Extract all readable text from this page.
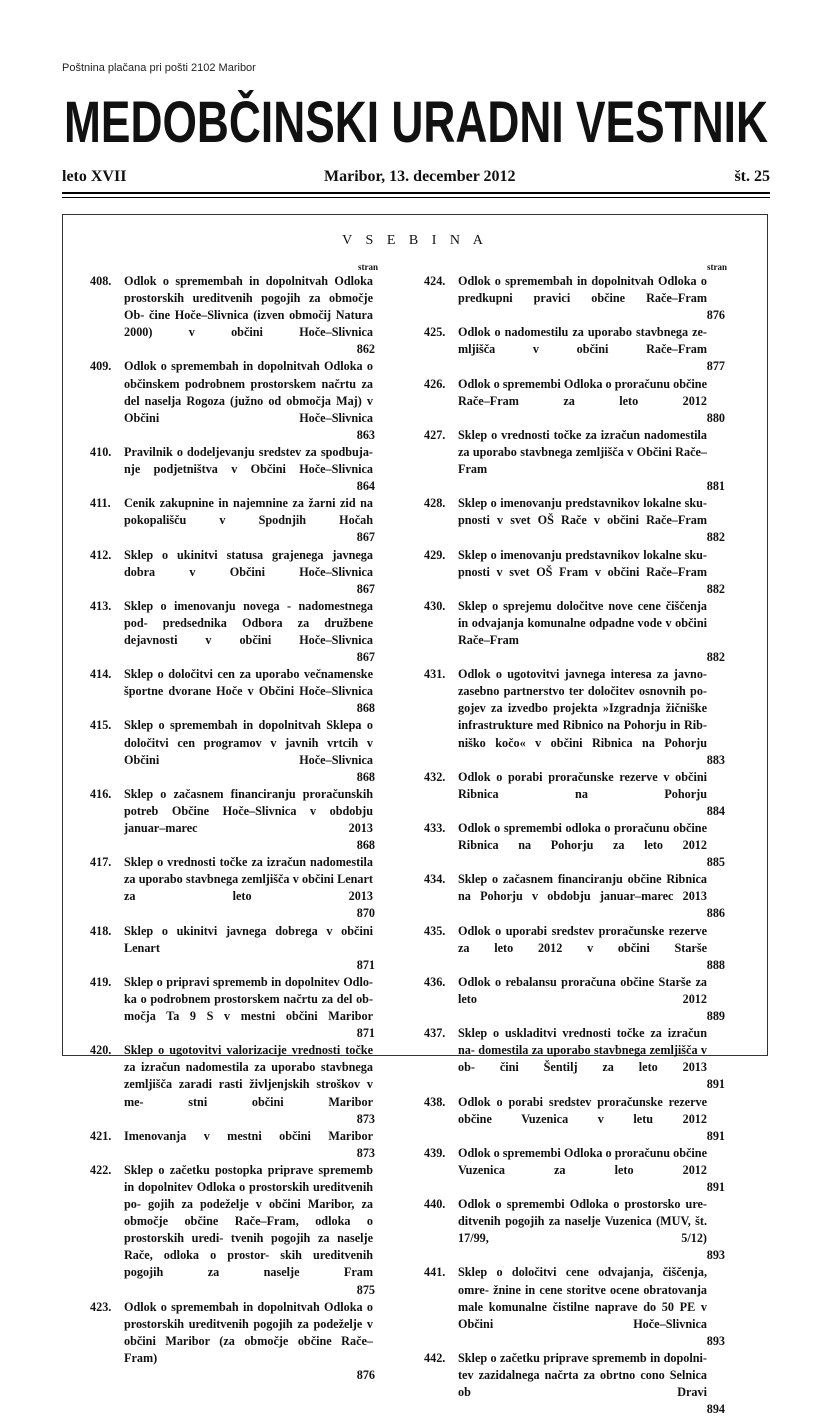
Poštnina plačana pri pošti 2102 Maribor
MEDOBČINSKI URADNI VESTNIK
leto XVII	Maribor, 13. december 2012	št. 25
V S E B I N A
stran
408. Odlok o spremembah in dopolnitvah Odloka prostorskih ureditvenih pogojih za območje Ob- čine Hoče–Slivnica (izven območij Natura 2000) v občini Hoče–Slivnica
862
409. Odlok o spremembah in dopolnitvah Odloka o občinskem podrobnem prostorskem načrtu za del naselja Rogoza (južno od območja Maj) v Občini Hoče–Slivnica
863
410. Pravilnik o dodeljevanju sredstev za spodbuja- nje podjetništva v Občini Hoče–Slivnica
864
411. Cenik zakupnine in najemnine za žarni zid na pokopališču v Spodnjih Hočah
867
412. Sklep o ukinitvi statusa grajenega javnega dobra v Občini Hoče–Slivnica
867
413. Sklep o imenovanju novega - nadomestnega pod- predsednika Odbora za družbene dejavnosti v občini Hoče–Slivnica
867
414. Sklep o določitvi cen za uporabo večnamenske športne dvorane Hoče v Občini Hoče–Slivnica
868
415. Sklep o spremembah in dopolnitvah Sklepa o določitvi cen programov v javnih vrtcih v Občini Hoče–Slivnica
868
416. Sklep o začasnem financiranju proračunskih potreb Občine Hoče–Slivnica v obdobju januar–marec 2013
868
417. Sklep o vrednosti točke za izračun nadomestila za uporabo stavbnega zemljišča v občini Lenart za leto 2013
870
418. Sklep o ukinitvi javnega dobrega v občini Lenart
871
419. Sklep o pripravi sprememb in dopolnitev Odlo- ka o podrobnem prostorskem načrtu za del ob- močja Ta 9 S v mestni občini Maribor
871
420. Sklep o ugotovitvi valorizacije vrednosti točke za izračun nadomestila za uporabo stavbnega zemljišča zaradi rasti življenjskih stroškov v me- stni občini Maribor
873
421. Imenovanja v mestni občini Maribor
873
422. Sklep o začetku postopka priprave sprememb in dopolnitev Odloka o prostorskih ureditvenih po- gojih za podeželje v občini Maribor, za območje občine Rače–Fram, odloka o prostorskih uredi- tvenih pogojih za naselje Rače, odloka o prostor- skih ureditvenih pogojih za naselje Fram
875
423. Odlok o spremembah in dopolnitvah Odloka o prostorskih ureditvenih pogojih za podeželje v občini Maribor (za območje občine Rače–Fram)
876
stran
424. Odlok o spremembah in dopolnitvah Odloka o predkupni pravici občine Rače–Fram
876
425. Odlok o nadomestilu za uporabo stavbnega ze- mljišča v občini Rače–Fram
877
426. Odlok o spremembi Odloka o proračunu občine Rače–Fram za leto 2012
880
427. Sklep o vrednosti točke za izračun nadomestila za uporabo stavbnega zemljišča v Občini Rače– Fram
881
428. Sklep o imenovanju predstavnikov lokalne sku- pnosti v svet OŠ Rače v občini Rače–Fram
882
429. Sklep o imenovanju predstavnikov lokalne sku- pnosti v svet OŠ Fram v občini Rače–Fram
882
430. Sklep o sprejemu določitve nove cene čiščenja in odvajanja komunalne odpadne vode v občini Rače–Fram
882
431. Odlok o ugotovitvi javnega interesa za javno- zasebno partnerstvo ter določitev osnovnih po- gojev za izvedbo projekta »Izgradnja žičniške infrastrukture med Ribnico na Pohorju in Rib- niško kočo« v občini Ribnica na Pohorju
883
432. Odlok o porabi proračunske rezerve v občini Ribnica na Pohorju
884
433. Odlok o spremembi odloka o proračunu občine Ribnica na Pohorju za leto 2012
885
434. Sklep o začasnem financiranju občine Ribnica na Pohorju v obdobju januar–marec 2013
886
435. Odlok o uporabi sredstev proračunske rezerve za leto 2012 v občini Starše
888
436. Odlok o rebalansu proračuna občine Starše za leto 2012
889
437. Sklep o uskladitvi vrednosti točke za izračun na- domestila za uporabo stavbnega zemljišča v ob- čini Šentilj za leto 2013
891
438. Odlok o porabi sredstev proračunske rezerve občine Vuzenica v letu 2012
891
439. Odlok o spremembi Odloka o proračunu občine Vuzenica za leto 2012
891
440. Odlok o spremembi Odloka o prostorsko ure- ditvenih pogojih za naselje Vuzenica (MUV, št. 17/99, 5/12)
893
441. Sklep o določitvi cene odvajanja, čiščenja, omre- žnine in cene storitve ocene obratovanja male komunalne čistilne naprave do 50 PE v Občini Hoče–Slivnica
893
442. Sklep o začetku priprave sprememb in dopolni- tev zazidalnega načrta za obrtno cono Selnica ob Dravi
894
